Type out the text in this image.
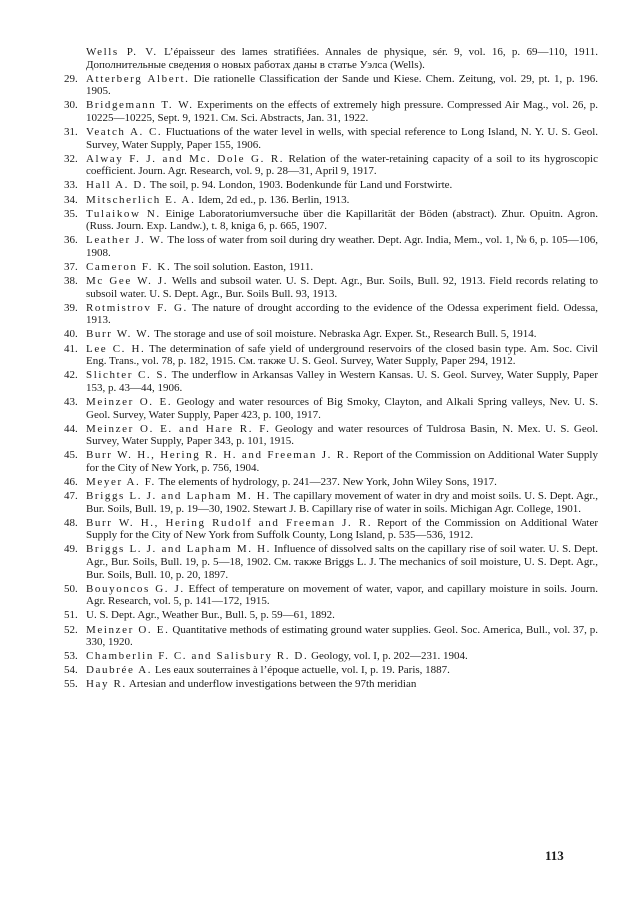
Wells P. V. L’épaisseur des lames stratifiées. Annales de physique, sér. 9, vol. 16, p. 69—110, 1911. Дополнительные сведения о новых работах даны в статье Уэлса (Wells).
29. Atterberg Albert. Die rationelle Classification der Sande und Kiese. Chem. Zeitung, vol. 29, pt. 1, p. 196. 1905.
30. Bridgemann T. W. Experiments on the effects of extremely high pressure. Compressed Air Mag., vol. 26, p. 10225—10225, Sept. 9, 1921. См. Sci. Abstracts, Jan. 31, 1922.
31. Veatch A. C. Fluctuations of the water level in wells, with special reference to Long Island, N. Y. U. S. Geol. Survey, Water Supply, Paper 155, 1906.
32. Alway F. J. and Mc. Dole G. R. Relation of the water-retaining capacity of a soil to its hygroscopic coefficient. Journ. Agr. Research, vol. 9, p. 28—31, April 9, 1917.
33. Hall A. D. The soil, p. 94. London, 1903. Bodenkunde für Land und Forstwirte.
34. Mitscherlich E. A. Idem, 2d ed., p. 136. Berlin, 1913.
35. Tulaikow N. Einige Laboratoriumversuche über die Kapillarität der Böden (abstract). Zhur. Opuitn. Agron. (Russ. Journ. Exp. Landw.), t. 8, kniga 6, p. 665, 1907.
36. Leather J. W. The loss of water from soil during dry weather. Dept. Agr. India, Mem., vol. 1, № 6, p. 105—106, 1908.
37. Cameron F. K. The soil solution. Easton, 1911.
38. Mc Gee W. J. Wells and subsoil water. U. S. Dept. Agr., Bur. Soils, Bull. 92, 1913. Field records relating to subsoil water. U. S. Dept. Agr., Bur. Soils Bull. 93, 1913.
39. Rotmistrov F. G. The nature of drought according to the evidence of the Odessa experiment field. Odessa, 1913.
40. Burr W. W. The storage and use of soil moisture. Nebraska Agr. Exper. St., Research Bull. 5, 1914.
41. Lee C. H. The determination of safe yield of underground reservoirs of the closed basin type. Am. Soc. Civil Eng. Trans., vol. 78, p. 182, 1915. См. также U. S. Geol. Survey, Water Supply, Paper 294, 1912.
42. Slichter C. S. The underflow in Arkansas Valley in Western Kansas. U. S. Geol. Survey, Water Supply, Paper 153, p. 43—44, 1906.
43. Meinzer O. E. Geology and water resources of Big Smoky, Clayton, and Alkali Spring valleys, Nev. U. S. Geol. Survey, Water Supply, Paper 423, p. 100, 1917.
44. Meinzer O. E. and Hare R. F. Geology and water resources of Tuldrosa Basin, N. Mex. U. S. Geol. Survey, Water Supply, Paper 343, p. 101, 1915.
45. Burr W. H., Hering R. H. and Freeman J. R. Report of the Commission on Additional Water Supply for the City of New York, p. 756, 1904.
46. Meyer A. F. The elements of hydrology, p. 241—237. New York, John Wiley Sons, 1917.
47. Briggs L. J. and Lapham M. H. The capillary movement of water in dry and moist soils. U. S. Dept. Agr., Bur. Soils, Bull. 19, p. 19—30, 1902. Stewart J. B. Capillary rise of water in soils. Michigan Agr. College, 1901.
48. Burr W. H., Hering Rudolf and Freeman J. R. Report of the Commission on Additional Water Supply for the City of New York from Suffolk County, Long Island, p. 535—536, 1912.
49. Briggs L. J. and Lapham M. H. Influence of dissolved salts on the capillary rise of soil water. U. S. Dept. Agr., Bur. Soils, Bull. 19, p. 5—18, 1902. См. также Briggs L. J. The mechanics of soil moisture, U. S. Dept. Agr., Bur. Soils, Bull. 10, p. 20, 1897.
50. Bouyoncos G. J. Effect of temperature on movement of water, vapor, and capillary moisture in soils. Journ. Agr. Research, vol. 5, p. 141—172, 1915.
51. U. S. Dept. Agr., Weather Bur., Bull. 5, p. 59—61, 1892.
52. Meinzer O. E. Quantitative methods of estimating ground water supplies. Geol. Soc. America, Bull., vol. 37, p. 330, 1920.
53. Chamberlin F. C. and Salisbury R. D. Geology, vol. I, p. 202—231. 1904.
54. Daubrée A. Les eaux souterraines à l’époque actuelle, vol. I, p. 19. Paris, 1887.
55. Hay R. Artesian and underflow investigations between the 97th meridian
113
